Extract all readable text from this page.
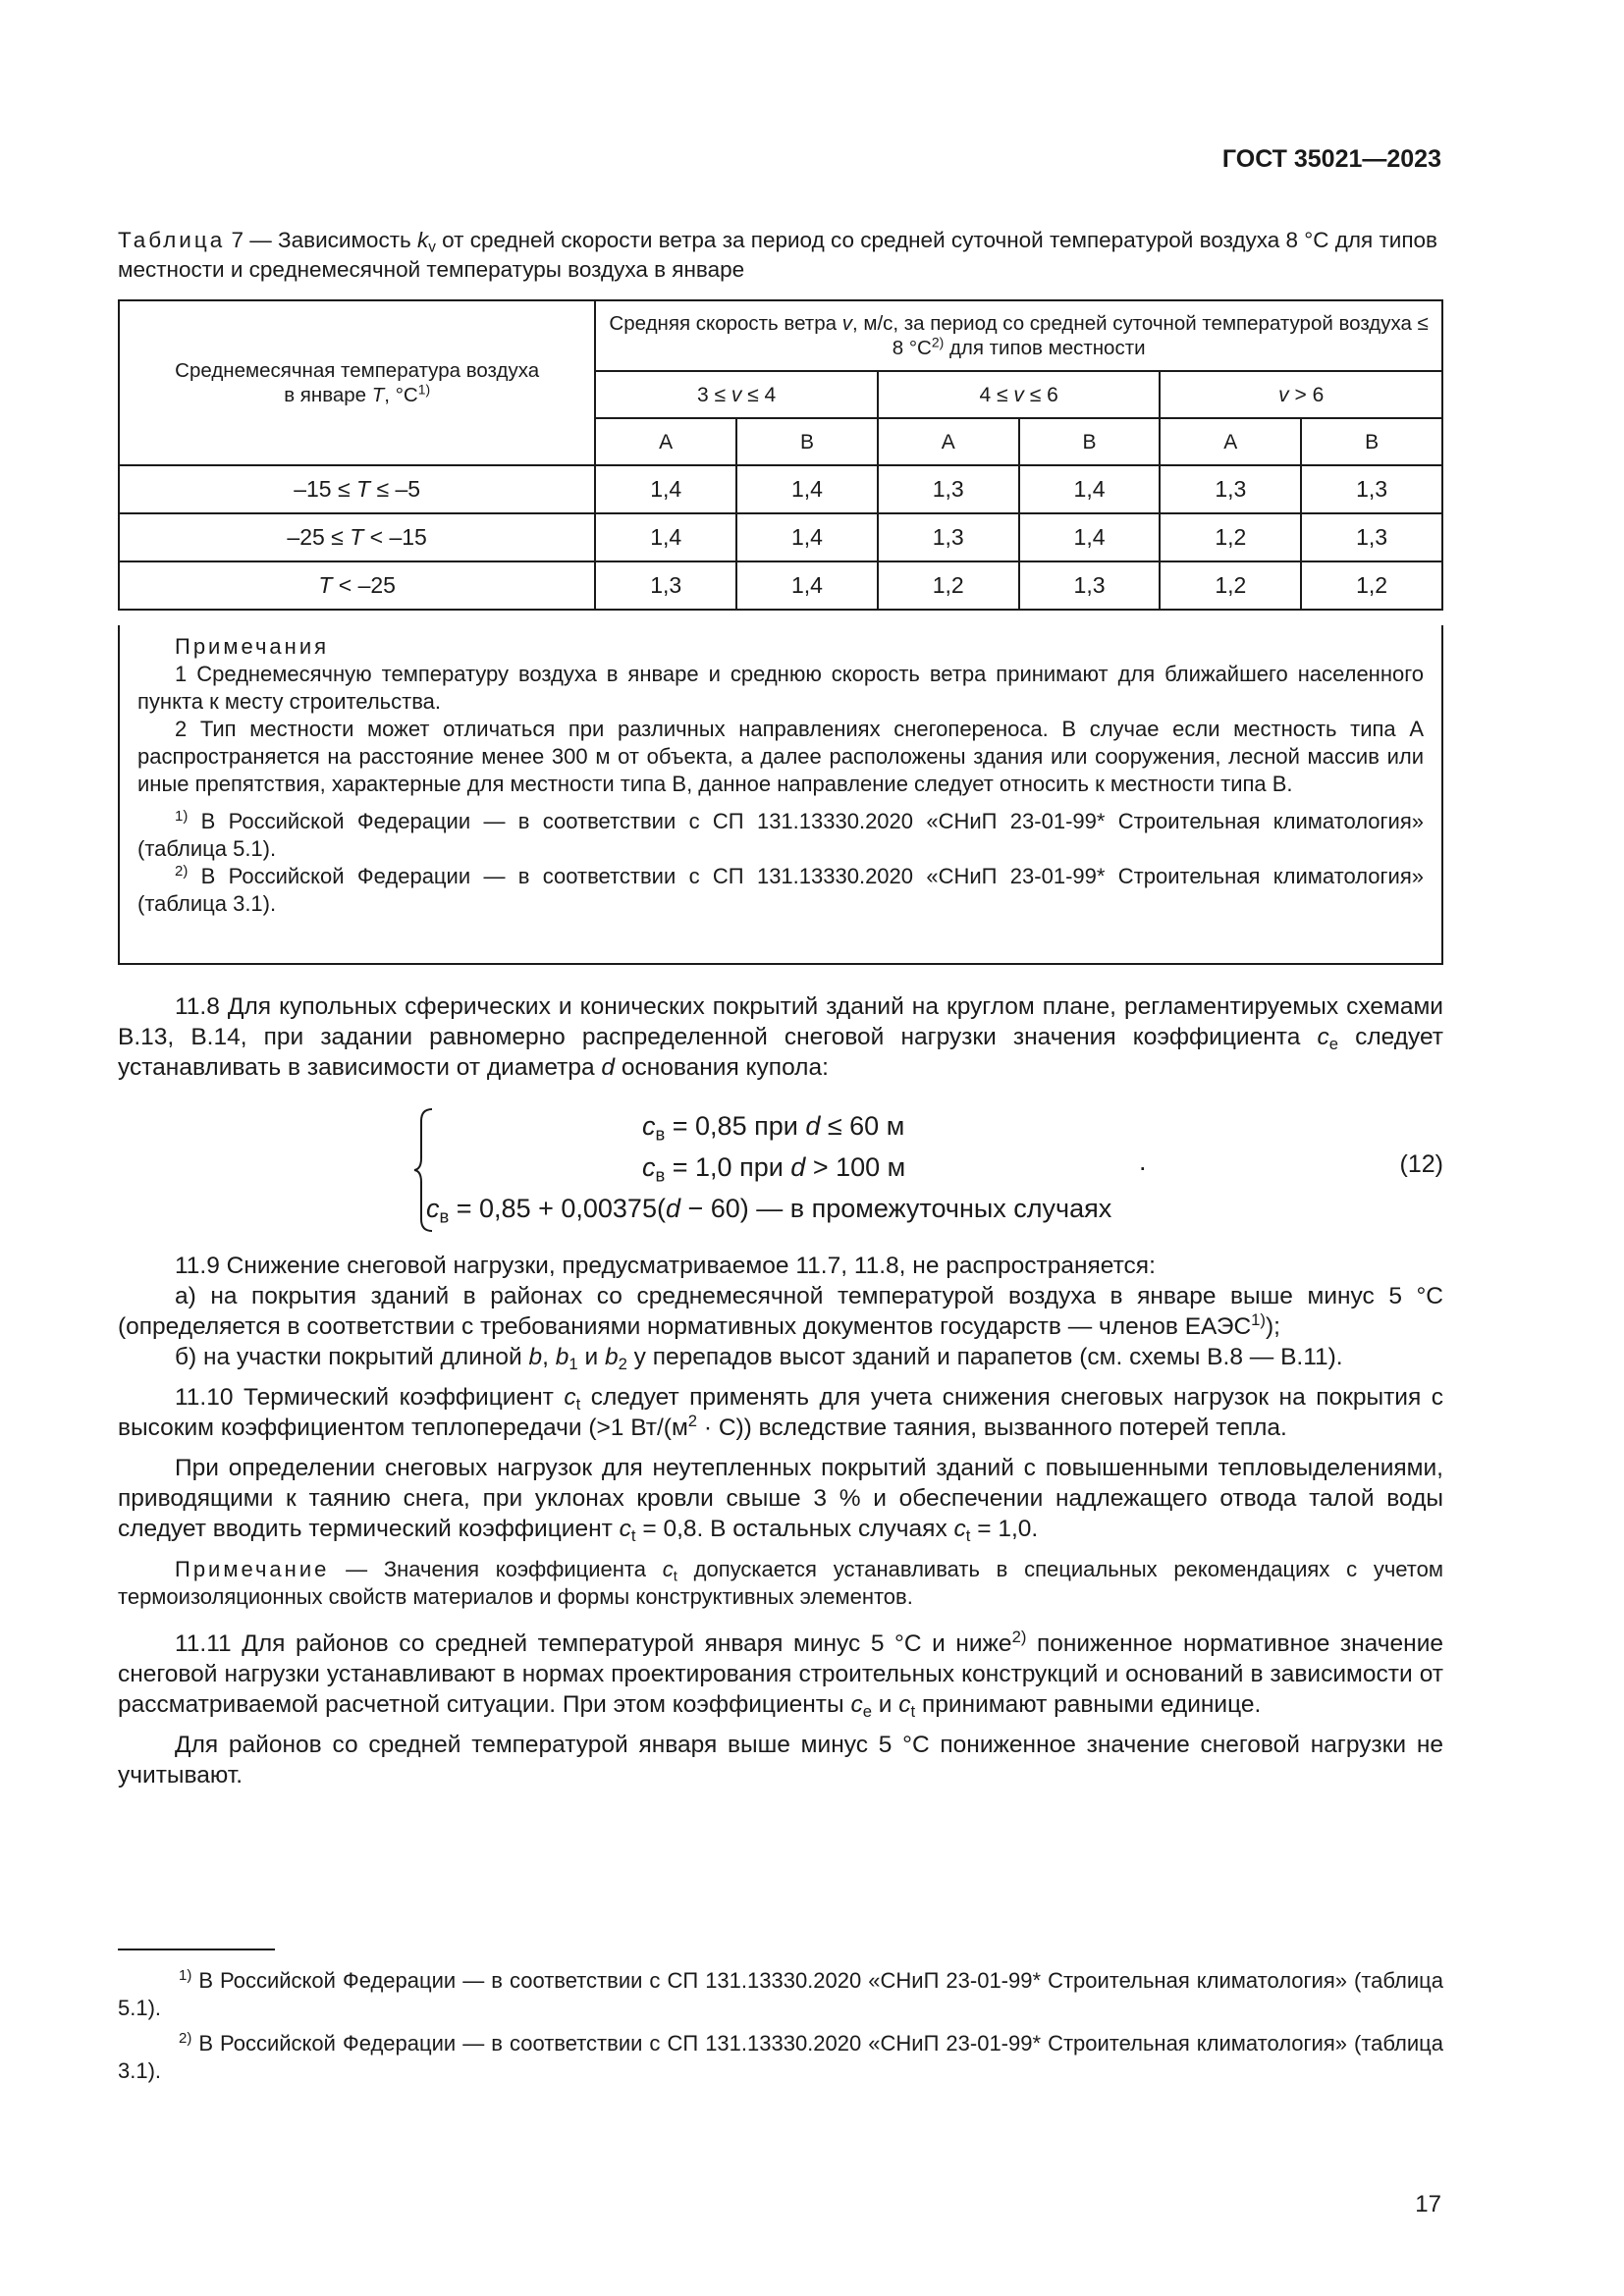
ГОСТ 35021—2023
Таблица 7 — Зависимость $k_v$ от средней скорости ветра за период со средней суточной температурой воздуха 8 °С для типов местности и среднемесячной температуры воздуха в январе
Среднемесячная температура воздуха
в январе T, $^\circ С^{1)}$	Средняя скорость ветра v, м/с, за период со средней суточной температурой воздуха ≤ 8 $^\circ С^{2)}$ для типов местности					
	3 ≤ v ≤ 4		4 ≤ v ≤ 6		v > 6	
	А	В	А	В	А	В
–15 ≤ T ≤ –5	1,4	1,4	1,3	1,4	1,3	1,3
–25 ≤ T < –15	1,4	1,4	1,3	1,4	1,2	1,3
T < –25	1,3	1,4	1,2	1,3	1,2	1,2

Примечания

1 Среднемесячную температуру воздуха в январе и среднюю скорость ветра принимают для ближайшего населенного пункта к месту строительства.

2 Тип местности может отличаться при различных направлениях снегопереноса. В случае если местность типа А распространяется на расстояние менее 300 м от объекта, а далее расположены здания или сооружения, лесной массив или иные препятствия, характерные для местности типа В, данное направление следует относить к местности типа В.

$^{1)}$ В Российской Федерации — в соответствии с СП 131.13330.2020 «СНиП 23-01-99* Строительная климатология» (таблица 5.1).

$^{2)}$ В Российской Федерации — в соответствии с СП 131.13330.2020 «СНиП 23-01-99* Строительная климатология» (таблица 3.1).

11.8 Для купольных сферических и конических покрытий зданий на круглом плане, регламентируемых схемами В.13, В.14, при задании равномерно распределенной снеговой нагрузки значения коэффициента $c_e$ следует устанавливать в зависимости от диаметра d основания купола:

$c_в = 0,85$ при d ≤ 60 м
$c_в = 1,0$ при d > 100 м
$c_в = 0,85 + 0,00375(d - 60)$ — в промежуточных случаях
.	(12)

11.9 Снижение снеговой нагрузки, предусматриваемое 11.7, 11.8, не распространяется:

а) на покрытия зданий в районах со среднемесячной температурой воздуха в январе выше минус 5 °С (определяется в соответствии с требованиями нормативных документов государств — членов ЕАЭС$^{1)}$);

б) на участки покрытий длиной b, $b_1$ и $b_2$ у перепадов высот зданий и парапетов (см. схемы В.8 — В.11).

11.10 Термический коэффициент $c_t$ следует применять для учета снижения снеговых нагрузок на покрытия с высоким коэффициентом теплопередачи (>1 $Вт/(м^2 \cdot С)$) вследствие таяния, вызванного потерей тепла.

При определении снеговых нагрузок для неутепленных покрытий зданий с повышенными тепловыделениями, приводящими к таянию снега, при уклонах кровли свыше 3 % и обеспечении надлежащего отвода талой воды следует вводить термический коэффициент $c_t = 0,8$. В остальных случаях $c_t = 1,0$.

Примечание — Значения коэффициента $c_t$ допускается устанавливать в специальных рекомендациях с учетом термоизоляционных свойств материалов и формы конструктивных элементов.

11.11 Для районов со средней температурой января минус 5 °С и ниже$^{2)}$ пониженное нормативное значение снеговой нагрузки устанавливают в нормах проектирования строительных конструкций и оснований в зависимости от рассматриваемой расчетной ситуации. При этом коэффициенты $c_e$ и $c_t$ принимают равными единице.

Для районов со средней температурой января выше минус 5 °С пониженное значение снеговой нагрузки не учитывают.

$^{1)}$ В Российской Федерации — в соответствии с СП 131.13330.2020 «СНиП 23-01-99* Строительная климатология» (таблица 5.1).

$^{2)}$ В Российской Федерации — в соответствии с СП 131.13330.2020 «СНиП 23-01-99* Строительная климатология» (таблица 3.1).

17
